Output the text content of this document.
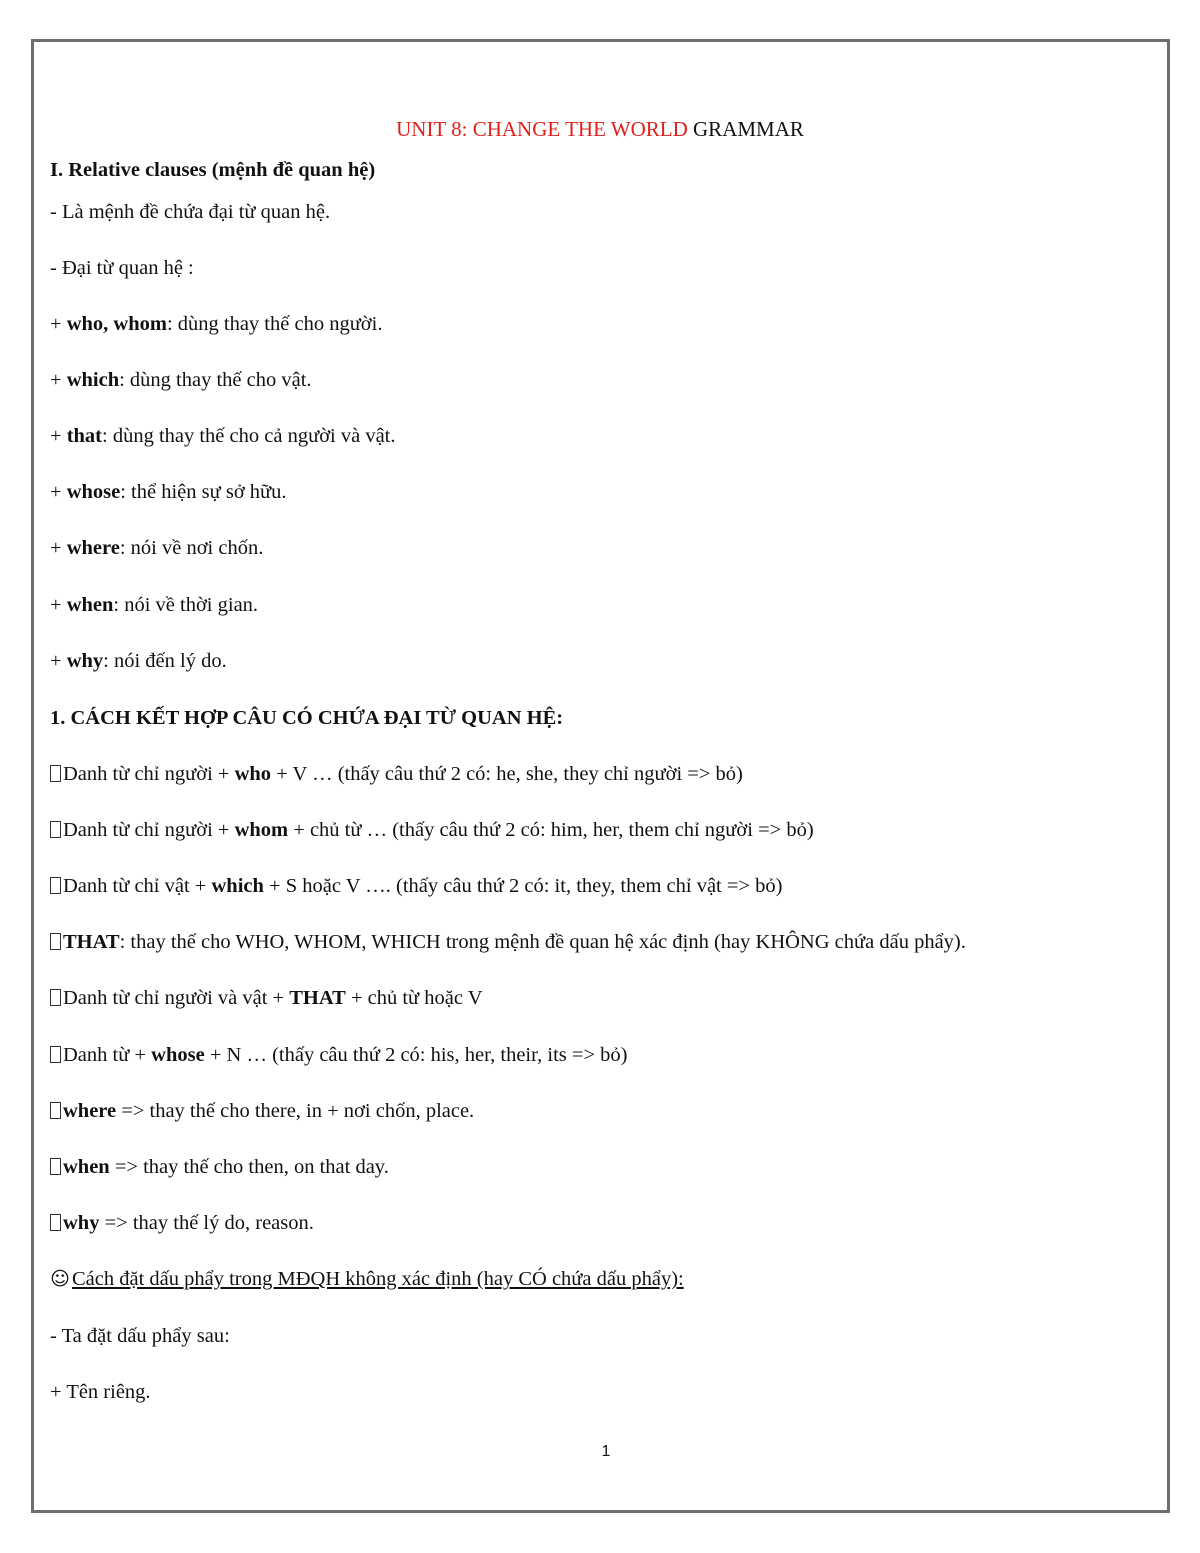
UNIT 8: CHANGE THE WORLD GRAMMAR
I. Relative clauses (mệnh đề quan hệ)
- Là mệnh đề chứa đại từ quan hệ.
- Đại từ quan hệ :
+ who, whom: dùng thay thế cho người.
+ which: dùng thay thế cho vật.
+ that: dùng thay thế cho cả người và vật.
+ whose: thể hiện sự sở hữu.
+ where: nói về nơi chốn.
+ when: nói về thời gian.
+ why: nói đến lý do.
1. CÁCH KẾT HỢP CÂU CÓ CHỨA ĐẠI TỪ QUAN HỆ:
Danh từ chỉ người + who + V … (thấy câu thứ 2 có: he, she, they chỉ người => bỏ)
Danh từ chỉ người + whom + chủ từ … (thấy câu thứ 2 có: him, her, them chỉ người => bỏ)
Danh từ chỉ vật + which + S hoặc V …. (thấy câu thứ 2 có: it, they, them chỉ vật => bỏ)
THAT: thay thế cho WHO, WHOM, WHICH trong mệnh đề quan hệ xác định (hay KHÔNG chứa dấu phẩy).
Danh từ chỉ người và vật + THAT + chủ từ hoặc V
Danh từ + whose + N … (thấy câu thứ 2 có: his, her, their, its => bỏ)
where => thay thế cho there, in + nơi chốn, place.
when => thay thế cho then, on that day.
why => thay thế lý do, reason.
☺ Cách đặt dấu phẩy trong MĐQH không xác định (hay CÓ chứa dấu phẩy):
- Ta đặt dấu phẩy sau:
+ Tên riêng.
1
